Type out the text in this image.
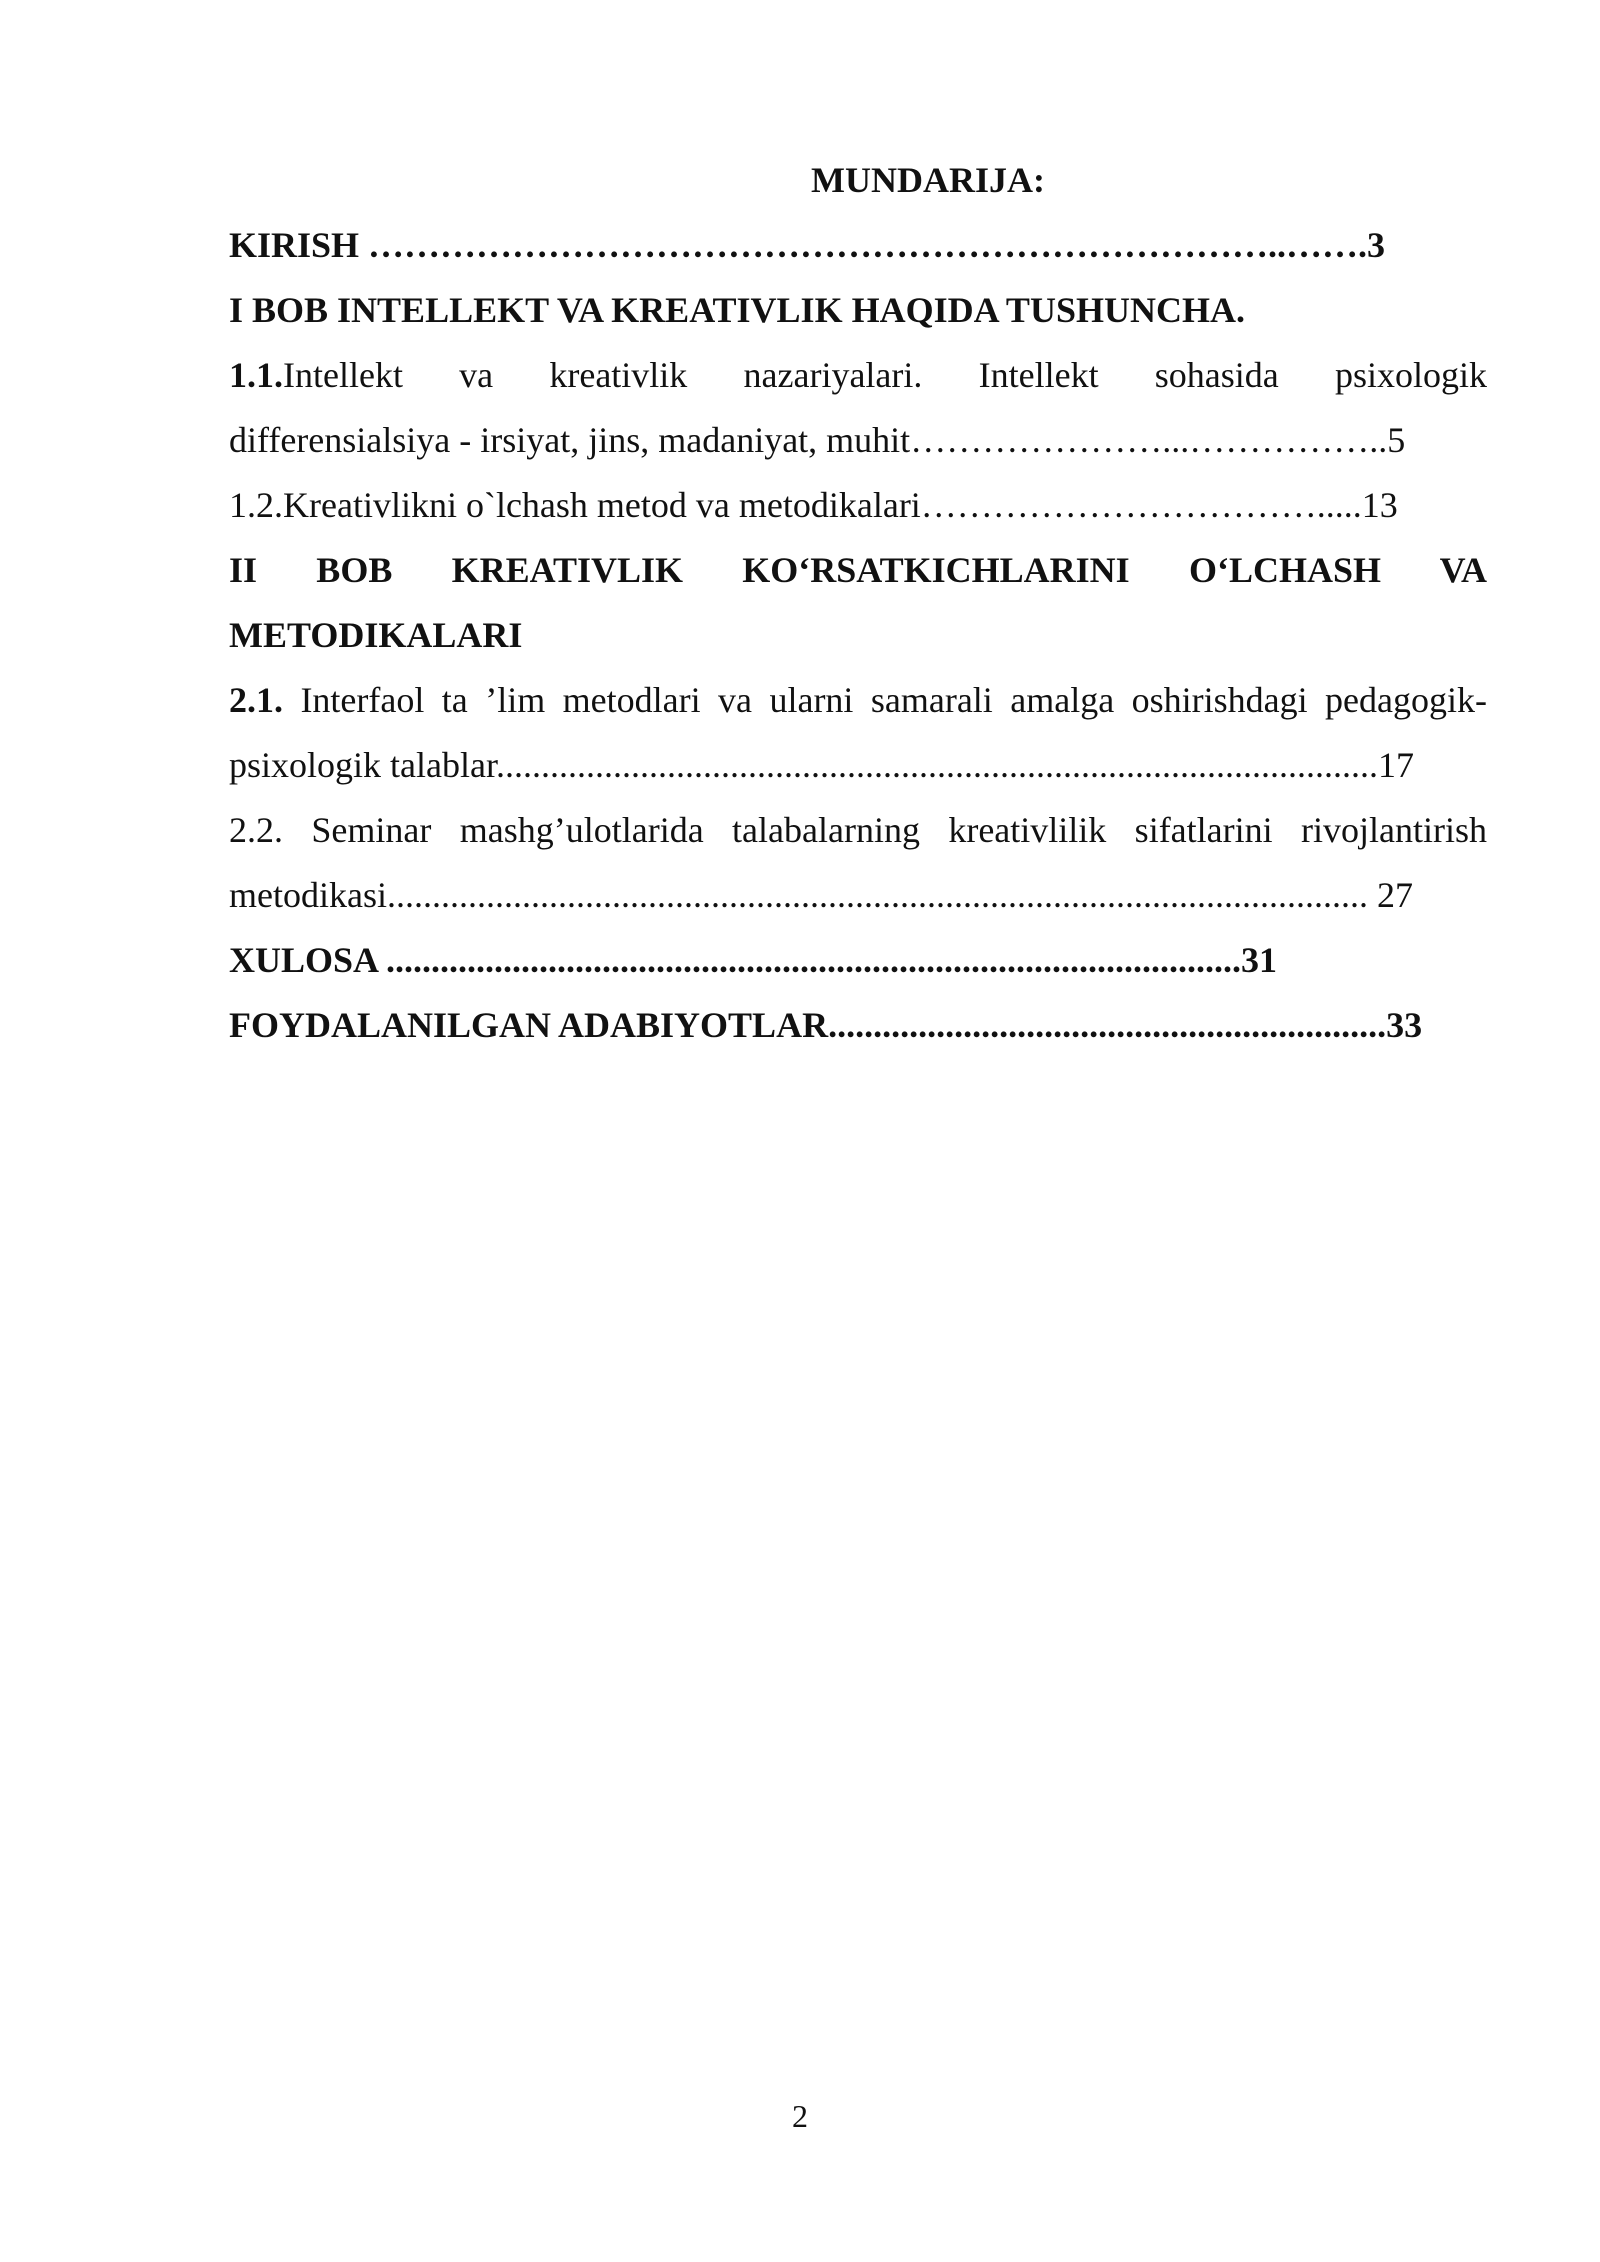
MUNDARIJA:
KIRISH …………………………………………………………………..…….3
I BOB INTELLEKT VA KREATIVLIK HAQIDA TUSHUNCHA.
1.1.Intellekt va kreativlik nazariyalari. Intellekt sohasida psixologik
differensialsiya - irsiyat, jins, madaniyat, muhit…………………...……………..5
1.2.Kreativlikni o`lchash metod va metodikalari…………………………….....13
II BOB KREATIVLIK KO‘RSATKICHLARINI O‘LCHASH VA
METODIKALARI
2.1. Interfaol ta ’lim metodlari va ularni samarali amalga oshirishdagi pedagogik-
psixologik talablar..................................................................................................17
2.2. Seminar mashg’ulotlarida talabalarning kreativlilik sifatlarini rivojlantirish
metodikasi............................................................................................................. 27
XULOSA ...............................................................................................31
FOYDALANILGAN ADABIYOTLAR..............................................................33
2
